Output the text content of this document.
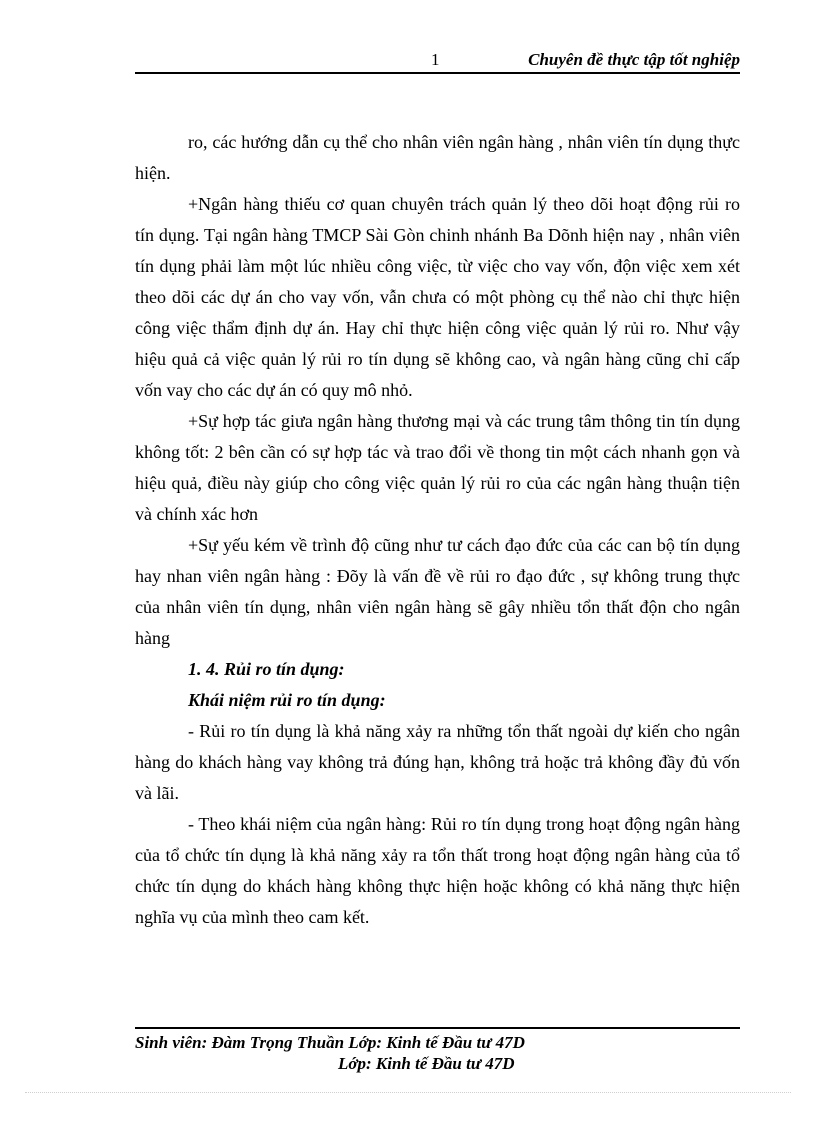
1	Chuyên đề thực tập tốt nghiệp

ro, các hướng dẫn cụ thể cho nhân viên ngân hàng , nhân viên tín dụng thực hiện.

+Ngân hàng thiếu cơ quan chuyên trách quản lý theo dõi hoạt động rủi ro tín dụng. Tại ngân hàng TMCP Sài Gòn chinh nhánh Ba Dõnh hiện nay , nhân viên tín dụng phải làm một lúc nhiều công việc, từ việc cho vay vốn, độn việc xem xét theo dõi các dự án cho vay vốn, vẫn chưa có một phòng cụ thể nào chỉ thực hiện công việc thẩm định dự án. Hay chỉ thực hiện công việc quản lý rủi ro. Như vậy hiệu quả cả việc quản lý rủi ro tín dụng sẽ không cao, và ngân hàng cũng chỉ cấp vốn vay cho các dự án có quy mô nhỏ.

+Sự hợp tác giưa ngân hàng thương mại và các trung tâm thông tin tín dụng không tốt: 2 bên cần có sự hợp tác và trao đổi về thong tin một cách nhanh gọn và hiệu quả, điều này giúp cho công việc quản lý rủi ro của các ngân hàng thuận tiện và chính xác hơn

+Sự yếu kém về trình độ cũng như tư cách đạo đức của các can bộ tín dụng hay nhan viên ngân hàng : Đõy là vấn đề về rủi ro đạo đức , sự không trung thực của nhân viên tín dụng, nhân viên ngân hàng sẽ gây nhiều tổn thất độn cho ngân hàng

1. 4. Rủi ro tín dụng:

Khái niệm rủi ro tín dụng:

- Rủi ro tín dụng là khả năng xảy ra những tổn thất ngoài dự kiến cho ngân hàng do khách hàng vay không trả đúng hạn, không trả hoặc trả không đầy đủ vốn và lãi.

- Theo khái niệm của ngân hàng: Rủi ro tín dụng trong hoạt động ngân hàng của tổ chức tín dụng là khả năng xảy ra tổn thất trong hoạt động ngân hàng của tổ chức tín dụng do khách hàng không thực hiện hoặc không có khả năng thực hiện nghĩa vụ của mình theo cam kết.

Sinh viên: Đàm Trọng Thuần Lớp: Kinh tế Đầu tư 47D
Lớp: Kinh tế Đầu tư 47D
